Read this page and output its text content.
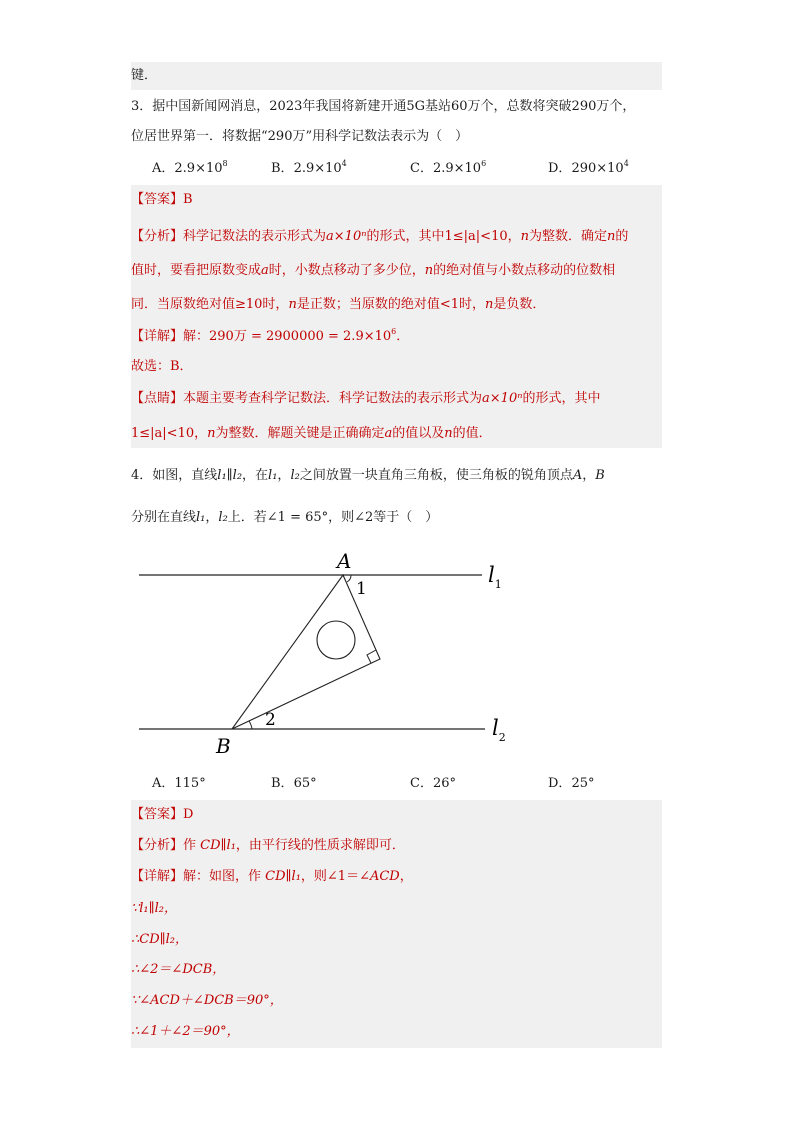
键．
3．据中国新闻网消息，2023年我国将新建开通5G基站60万个，总数将突破290万个，
位居世界第一．将数据“290万”用科学记数法表示为（　）
A．$2.9\times 10^8$	B．$2.9\times 10^4$	C．$2.9\times 10^6$	D．$290\times 10^4$
【答案】B
【分析】科学记数法的表示形式为a×10ⁿ的形式，其中1≤|a|<10，n为整数．确定n的
值时，要看把原数变成a时，小数点移动了多少位，n的绝对值与小数点移动的位数相
同．当原数绝对值≥10时，n是正数；当原数的绝对值<1时，n是负数．
【详解】解：290万 = $2900000 = 2.9\times 10^6$．
故选：B．
【点睛】本题主要考查科学记数法．科学记数法的表示形式为a×10ⁿ的形式，其中
1≤|a|<10，n为整数．解题关键是正确确定a的值以及n的值．
4．如图，直线l₁∥l₂，在l₁，l₂之间放置一块直角三角板，使三角板的锐角顶点A，B
分别在直线l₁，l₂上．若∠1 = 65°，则∠2等于（　）
A
1
2
B
$l_1$
$l_2$
A．115°	B．65°	C．26°	D．25°
【答案】D
【分析】作 CD∥l₁，由平行线的性质求解即可．
【详解】解：如图，作 CD∥l₁，则∠1＝∠ACD，
∵l₁∥l₂，
∴CD∥l₂，
∴∠2＝∠DCB，
∵∠ACD＋∠DCB＝90°，
∴∠1＋∠2＝90°，
